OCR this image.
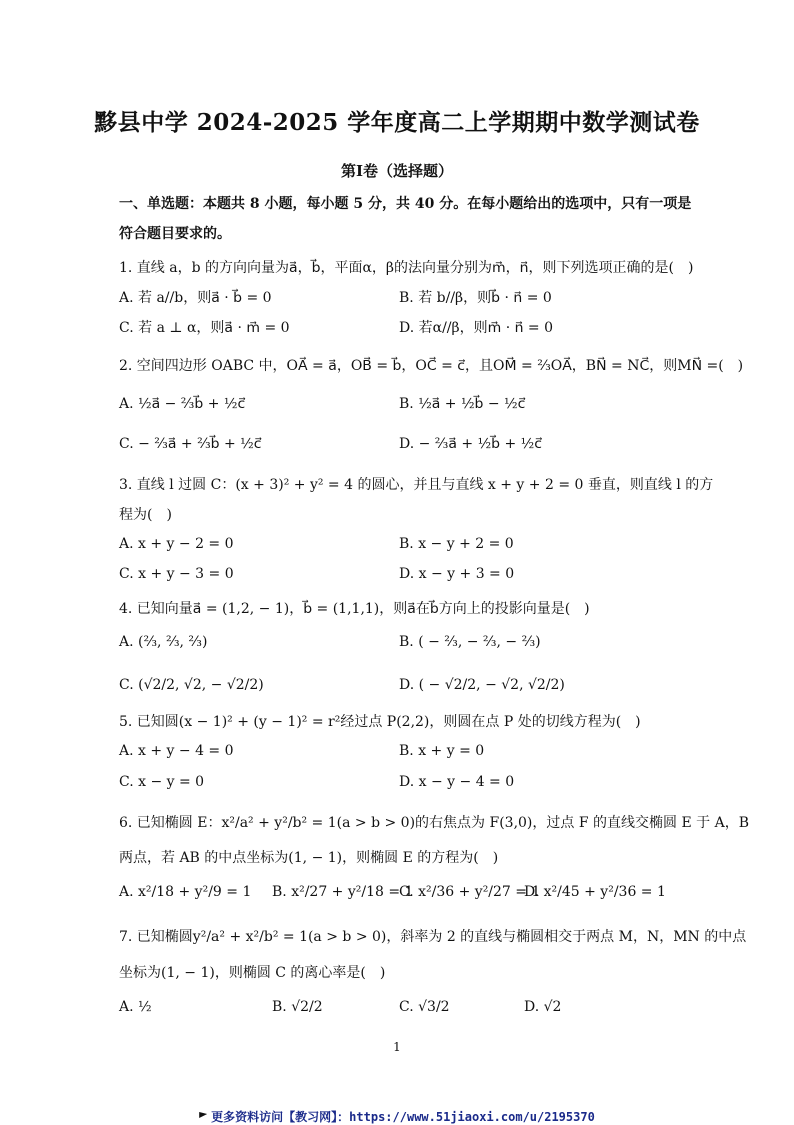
黟县中学 2024-2025 学年度高二上学期期中数学测试卷
第Ⅰ卷（选择题）
一、单选题：本题共 8 小题，每小题 5 分，共 40 分。在每小题给出的选项中，只有一项是
符合题目要求的。
1. 直线 a，b 的方向向量为a⃗，b⃗，平面α，β的法向量分别为m⃗，n⃗，则下列选项正确的是(　)
A. 若 a//b，则a⃗ · b⃗ = 0	B. 若 b//β，则b⃗ · n⃗ = 0
C. 若 a ⊥ α，则a⃗ · m⃗ = 0	D. 若α//β，则m⃗ · n⃗ = 0
2. 空间四边形 OABC 中，OA⃗ = a⃗，OB⃗ = b⃗，OC⃗ = c⃗，且OM⃗ = ⅔OA⃗，BN⃗ = NC⃗，则MN⃗ =(　)
A. ½a⃗ − ⅔b⃗ + ½c⃗	B. ½a⃗ + ½b⃗ − ½c⃗
C. − ⅔a⃗ + ⅔b⃗ + ½c⃗	D. − ⅔a⃗ + ½b⃗ + ½c⃗
3. 直线 l 过圆 C：(x + 3)² + y² = 4 的圆心，并且与直线 x + y + 2 = 0 垂直，则直线 l 的方
程为(　)
A. x + y − 2 = 0	B. x − y + 2 = 0
C. x + y − 3 = 0	D. x − y + 3 = 0
4. 已知向量a⃗ = (1,2, − 1)，b⃗ = (1,1,1)，则a⃗在b⃗方向上的投影向量是(　)
A. (⅔, ⅔, ⅔)	B. ( − ⅔, − ⅔, − ⅔)
C. (√2/2, √2, − √2/2)	D. ( − √2/2, − √2, √2/2)
5. 已知圆(x − 1)² + (y − 1)² = r²经过点 P(2,2)，则圆在点 P 处的切线方程为(　)
A. x + y − 4 = 0	B. x + y = 0
C. x − y = 0	D. x − y − 4 = 0
6. 已知椭圆 E：x²/a² + y²/b² = 1(a > b > 0)的右焦点为 F(3,0)，过点 F 的直线交椭圆 E 于 A，B
两点，若 AB 的中点坐标为(1, − 1)，则椭圆 E 的方程为(　)
A. x²/18 + y²/9 = 1 B. x²/27 + y²/18 = 1
C. x²/36 + y²/27 = 1
D. x²/45 + y²/36 = 1
7. 已知椭圆y²/a² + x²/b² = 1(a > b > 0)，斜率为 2 的直线与椭圆相交于两点 M，N，MN 的中点
坐标为(1, − 1)，则椭圆 C 的离心率是(　)
A. ½	B. √2/2	C. √3/2	D. √2
1
更多资料访问【教习网】：https://www.51jiaoxi.com/u/2195370
